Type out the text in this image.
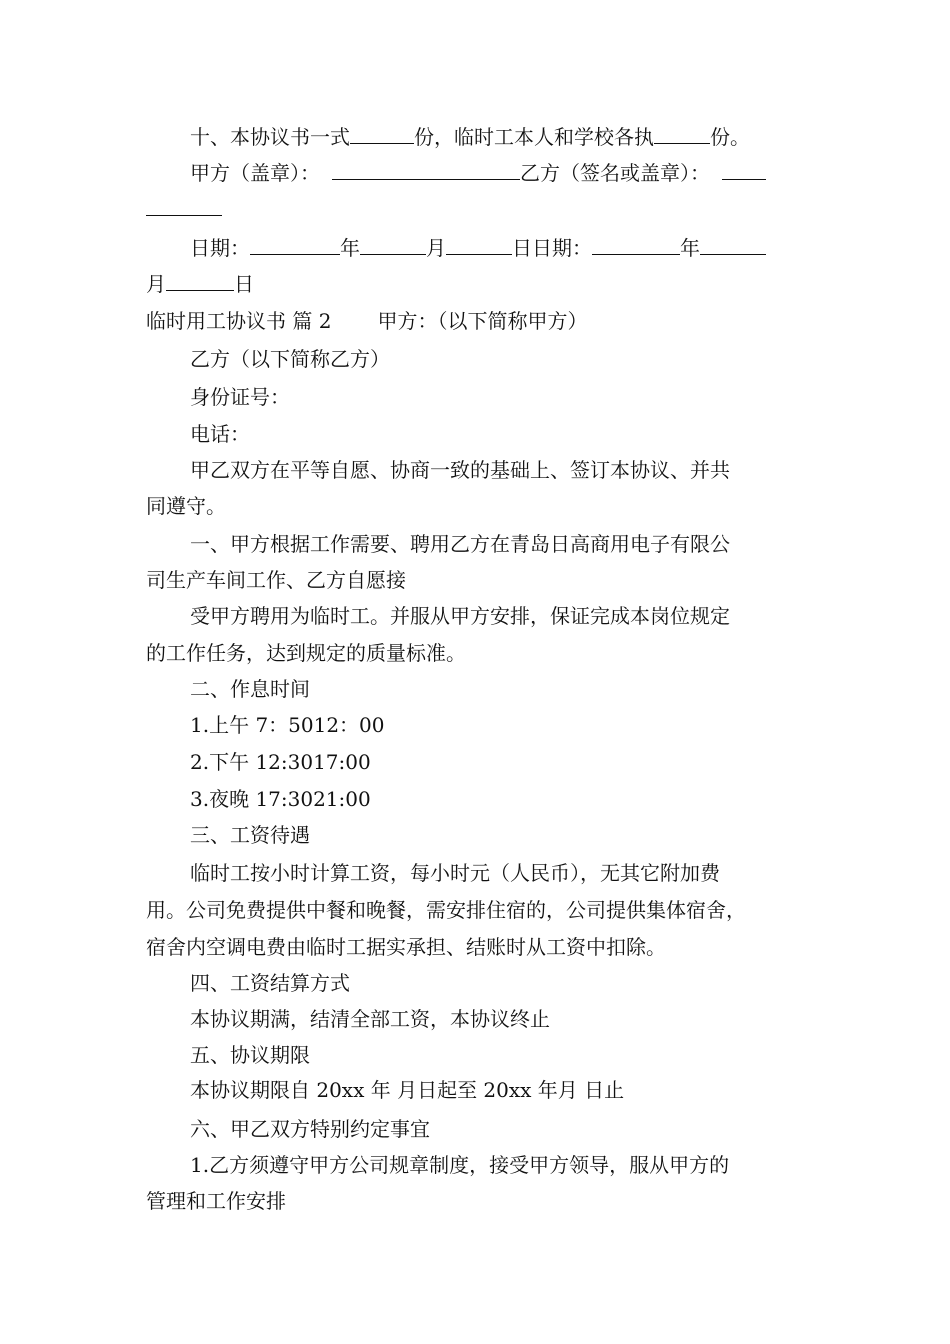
十、本协议书一式	份，临时工本人和学校各执	份。
甲方（盖章）：	乙方（签名或盖章）：
日期：	年	月	日日期：	年
月	日
临时用工协议书 篇 2 甲方：（以下简称甲方）
乙方（以下简称乙方）
身份证号：
电话：
甲乙双方在平等自愿、协商一致的基础上、签订本协议、并共
同遵守。
一、甲方根据工作需要、聘用乙方在青岛日高商用电子有限公
司生产车间工作、乙方自愿接
受甲方聘用为临时工。并服从甲方安排，保证完成本岗位规定
的工作任务，达到规定的质量标准。
二、作息时间
1.上午 7：5012：00
2.下午 12:3017:00
3.夜晚 17:3021:00
三、工资待遇
临时工按小时计算工资，每小时元（人民币），无其它附加费
用。公司免费提供中餐和晚餐，需安排住宿的，公司提供集体宿舍，
宿舍内空调电费由临时工据实承担、结账时从工资中扣除。
四、工资结算方式
本协议期满，结清全部工资，本协议终止
五、协议期限
本协议期限自 20xx 年 月日起至 20xx 年月 日止
六、甲乙双方特别约定事宜
1.乙方须遵守甲方公司规章制度，接受甲方领导，服从甲方的
管理和工作安排
